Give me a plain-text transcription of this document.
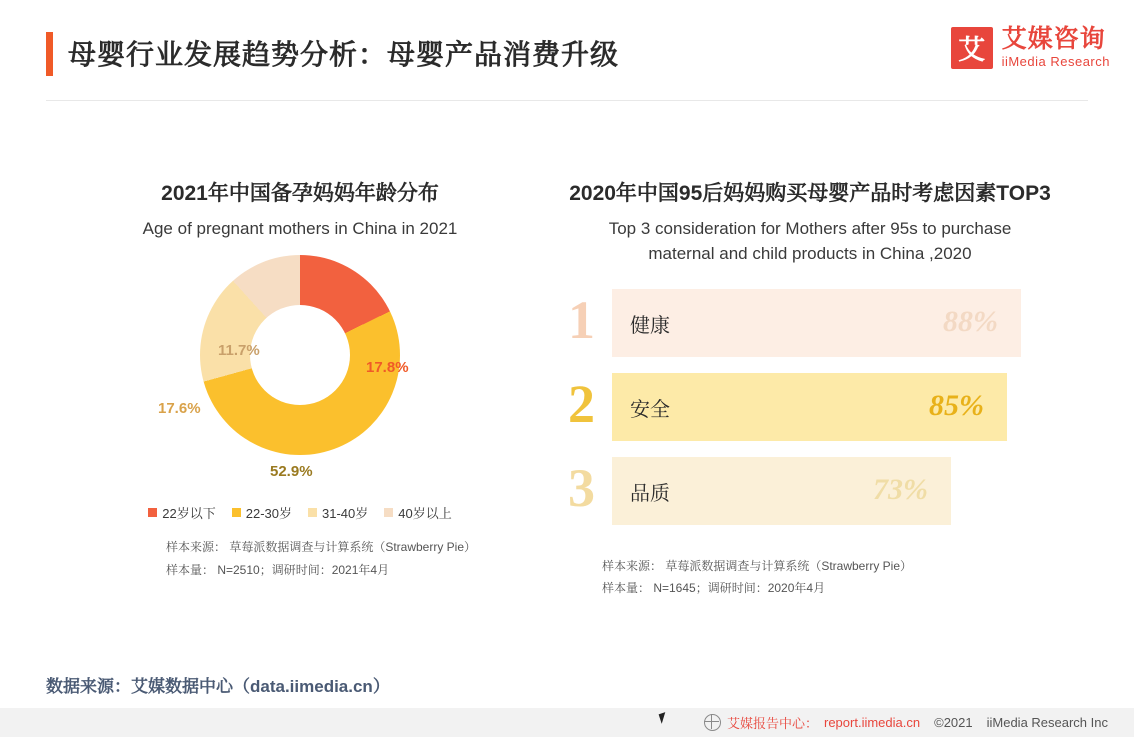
母婴行业发展趋势分析：母婴产品消费升级	艾 艾媒咨询
iiMedia Research
2021年中国备孕妈妈年龄分布
Age of pregnant mothers in China in 2021
17.8%
52.9%
17.6%
11.7%
22岁以下 22-30岁 31-40岁 40岁以上
样本来源： 草莓派数据调查与计算系统（Strawberry Pie）
样本量： N=2510；调研时间：2021年4月
2020年中国95后妈妈购买母婴产品时考虑因素TOP3
Top 3 consideration for Mothers after 95s to purchase
maternal and child products in China ,2020
1 健康	88%
2 安全	85%
3 品质	73%
样本来源： 草莓派数据调查与计算系统（Strawberry Pie）
样本量： N=1645；调研时间：2020年4月
数据来源：艾媒数据中心（data.iimedia.cn）
艾媒报告中心： report.iimedia.cn ©2021 iiMedia Research Inc
